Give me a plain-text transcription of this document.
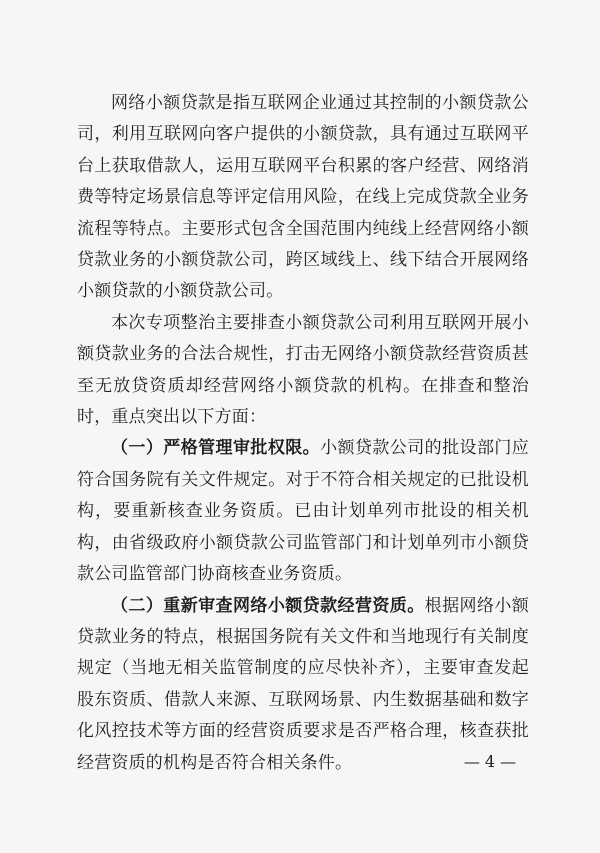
网络小额贷款是指互联网企业通过其控制的小额贷款公司，利用互联网向客户提供的小额贷款，具有通过互联网平台上获取借款人，运用互联网平台积累的客户经营、网络消费等特定场景信息等评定信用风险，在线上完成贷款全业务流程等特点。主要形式包含全国范围内纯线上经营网络小额贷款业务的小额贷款公司，跨区域线上、线下结合开展网络小额贷款的小额贷款公司。

本次专项整治主要排查小额贷款公司利用互联网开展小额贷款业务的合法合规性，打击无网络小额贷款经营资质甚至无放贷资质却经营网络小额贷款的机构。在排查和整治时，重点突出以下方面：

（一）严格管理审批权限。小额贷款公司的批设部门应符合国务院有关文件规定。对于不符合相关规定的已批设机构，要重新核查业务资质。已由计划单列市批设的相关机构，由省级政府小额贷款公司监管部门和计划单列市小额贷款公司监管部门协商核查业务资质。

（二）重新审查网络小额贷款经营资质。根据网络小额贷款业务的特点，根据国务院有关文件和当地现行有关制度规定（当地无相关监管制度的应尽快补齐），主要审查发起股东资质、借款人来源、互联网场景、内生数据基础和数字化风控技术等方面的经营资质要求是否严格合理，核查获批经营资质的机构是否符合相关条件。	— 4 —
